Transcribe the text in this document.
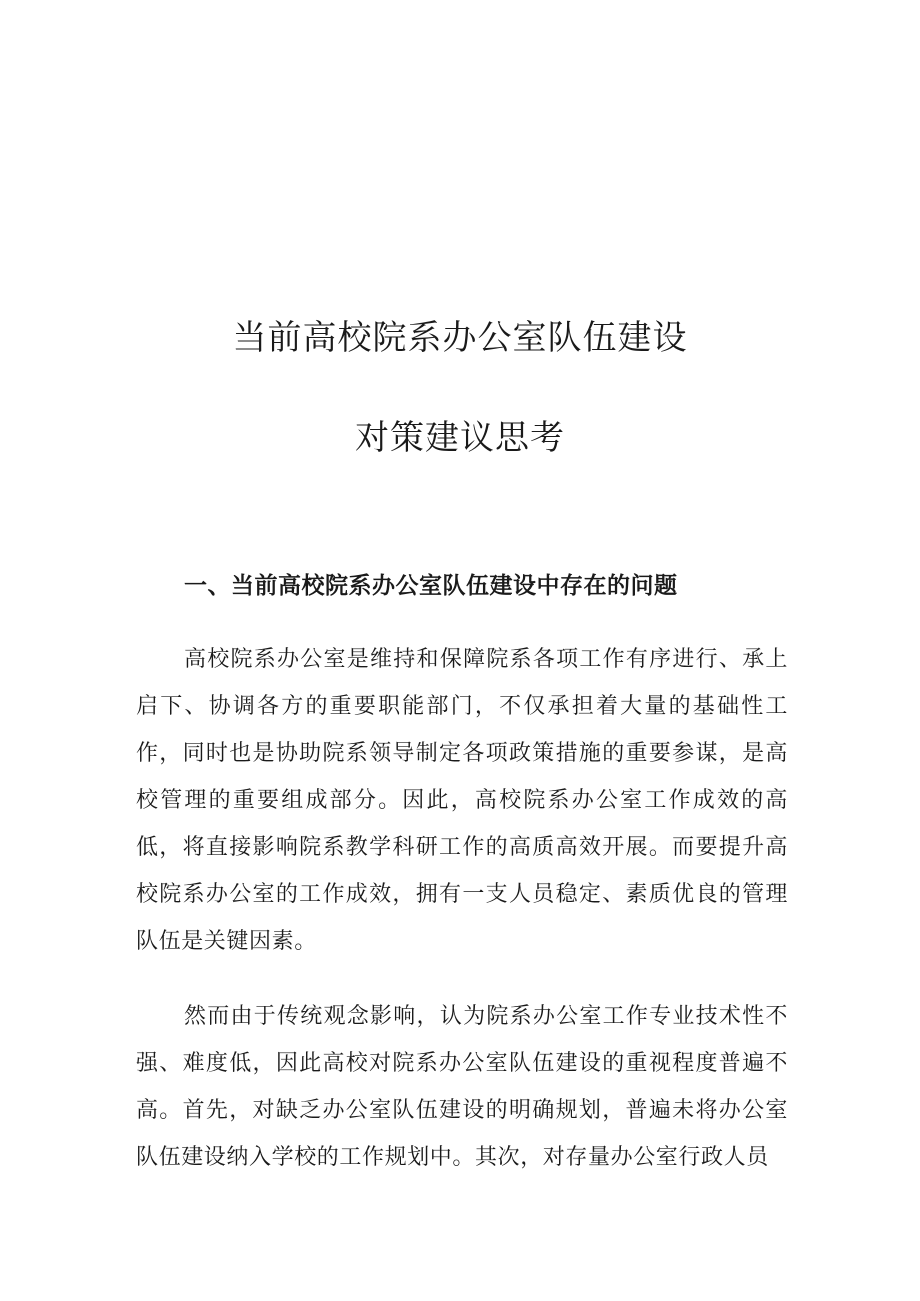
当前高校院系办公室队伍建设
对策建议思考
一、当前高校院系办公室队伍建设中存在的问题

高校院系办公室是维持和保障院系各项工作有序进行、承上启下、协调各方的重要职能部门，不仅承担着大量的基础性工作，同时也是协助院系领导制定各项政策措施的重要参谋，是高校管理的重要组成部分。因此，高校院系办公室工作成效的高低，将直接影响院系教学科研工作的高质高效开展。而要提升高校院系办公室的工作成效，拥有一支人员稳定、素质优良的管理队伍是关键因素。

然而由于传统观念影响，认为院系办公室工作专业技术性不强、难度低，因此高校对院系办公室队伍建设的重视程度普遍不高。首先，对缺乏办公室队伍建设的明确规划，普遍未将办公室队伍建设纳入学校的工作规划中。其次，对存量办公室行政人员
